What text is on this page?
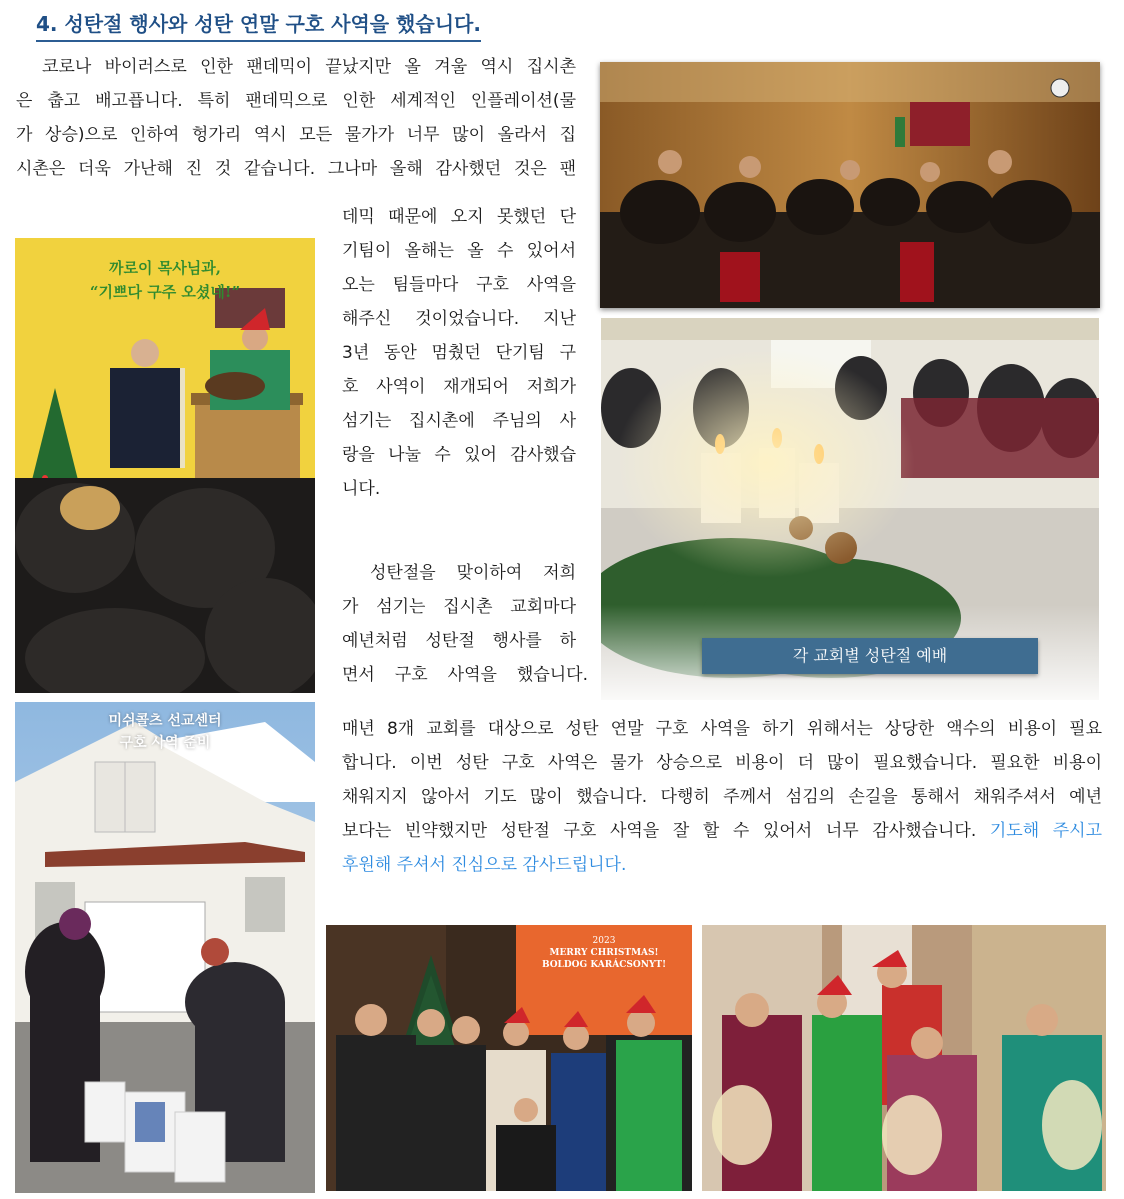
4. 성탄절 행사와 성탄 연말 구호 사역을 했습니다.
코로나 바이러스로 인한 팬데믹이 끝났지만 올 겨울 역시 집시촌
은 춥고 배고픕니다. 특히 팬데믹으로 인한 세계적인 인플레이션(물
가 상승)으로 인하여 헝가리 역시 모든 물가가 너무 많이 올라서 집
시촌은 더욱 가난해 진 것 같습니다. 그나마 올해 감사했던 것은 팬
데믹 때문에 오지 못했던 단
기팀이 올해는 올 수 있어서
오는 팀들마다 구호 사역을
해주신 것이었습니다. 지난
3년 동안 멈췄던 단기팀 구
호 사역이 재개되어 저희가
섬기는 집시촌에 주님의 사
랑을 나눌 수 있어 감사했습
니다.
성탄절을 맞이하여 저희
가 섬기는 집시촌 교회마다
예년처럼 성탄절 행사를 하
면서 구호 사역을 했습니다.
매년 8개 교회를 대상으로 성탄 연말 구호 사역을 하기 위해서는 상당한 액수의 비용이 필요
합니다. 이번 성탄 구호 사역은 물가 상승으로 비용이 더 많이 필요했습니다. 필요한 비용이
채워지지 않아서 기도 많이 했습니다. 다행히 주께서 섬김의 손길을 통해서 채워주셔서 예년
보다는 빈약했지만 성탄절 구호 사역을 잘 할 수 있어서 너무 감사했습니다. 기도해 주시고
후원해 주셔서 진심으로 감사드립니다.
각 교회별 성탄절 예배
까로이 목사님과,
“기쁘다 구주 오셨네!”
미쉬콜츠 선교센터
구호 사역 준비
2023
MERRY CHRISTMAS!
BOLDOG KARÁCSONYT!
